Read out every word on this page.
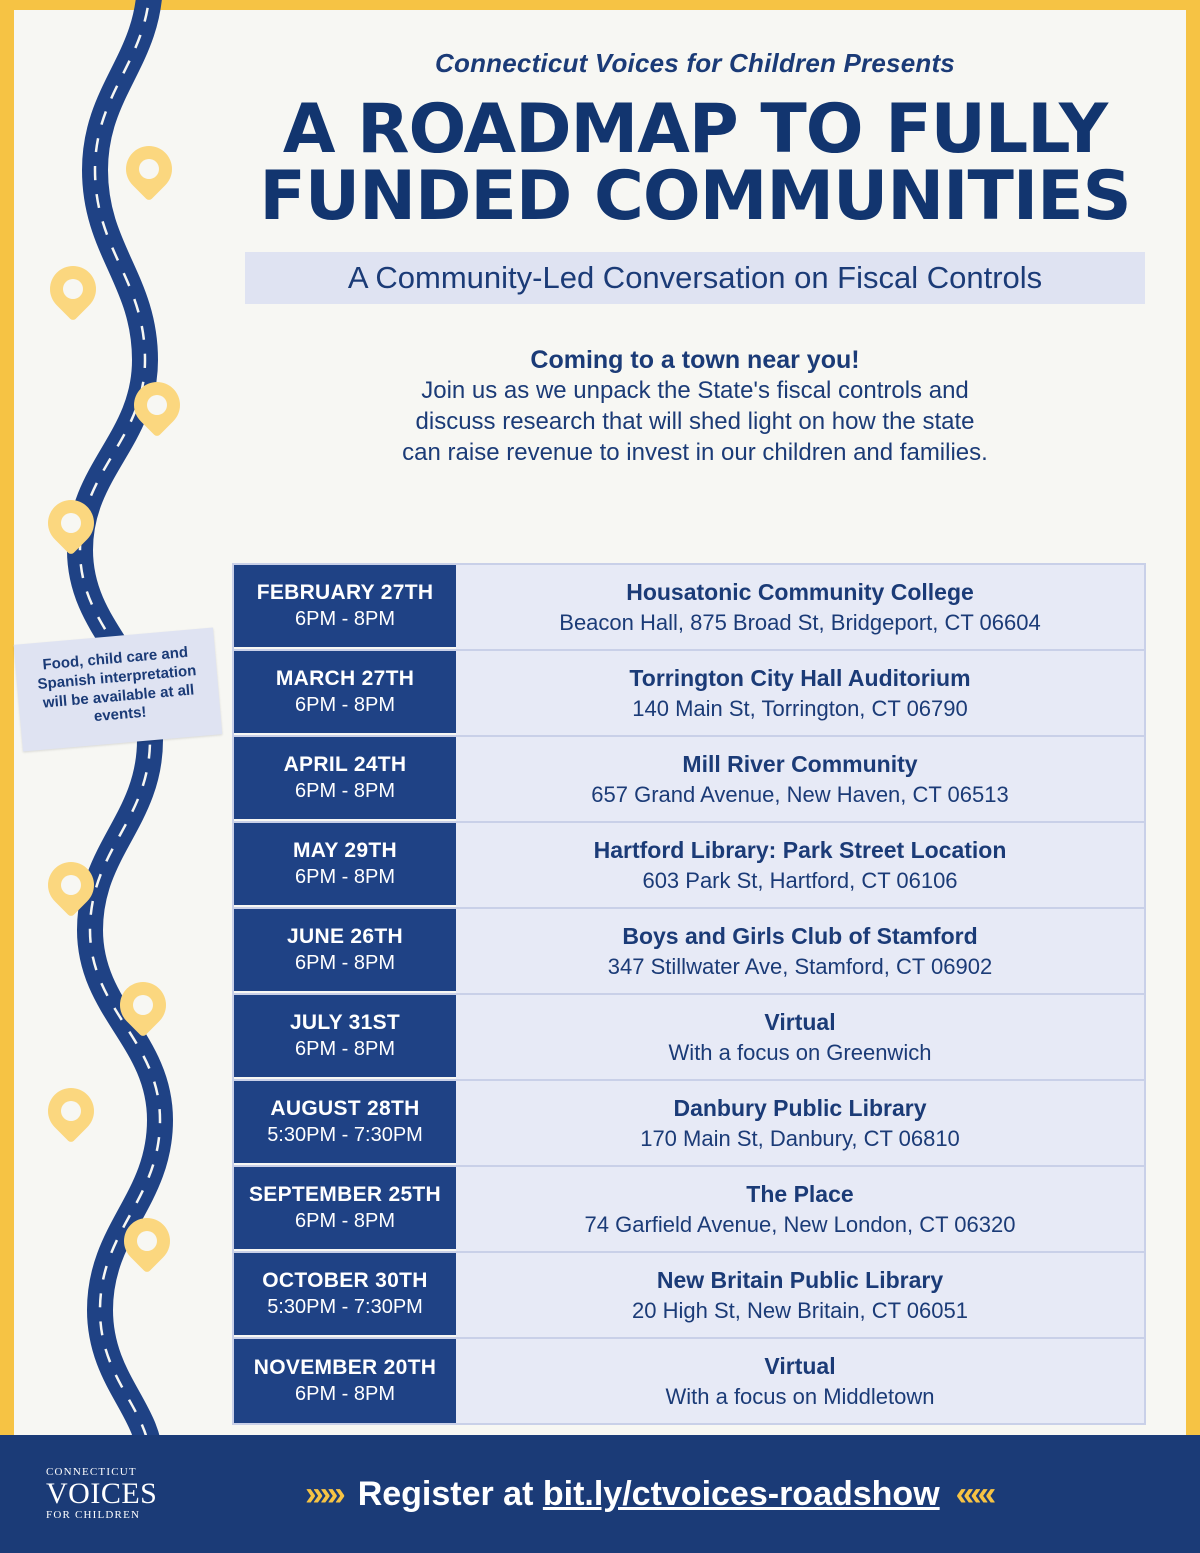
Food, child care and Spanish interpretation will be available at all events!
Connecticut Voices for Children Presents
A ROADMAP TO FULLY
FUNDED COMMUNITIES
A Community-Led Conversation on Fiscal Controls
Coming to a town near you!
Join us as we unpack the State's fiscal controls and
discuss research that will shed light on how the state
can raise revenue to invest in our children and families.
FEBRUARY 27TH
6PM - 8PM
Housatonic Community College
Beacon Hall, 875 Broad St, Bridgeport, CT 06604
MARCH 27TH
6PM - 8PM
Torrington City Hall Auditorium
140 Main St, Torrington, CT 06790
APRIL 24TH
6PM - 8PM
Mill River Community
657 Grand Avenue, New Haven, CT 06513
MAY 29TH
6PM - 8PM
Hartford Library: Park Street Location
603 Park St, Hartford, CT 06106
JUNE 26TH
6PM - 8PM
Boys and Girls Club of Stamford
347 Stillwater Ave, Stamford, CT 06902
JULY 31ST
6PM - 8PM
Virtual
With a focus on Greenwich
AUGUST 28TH
5:30PM - 7:30PM
Danbury Public Library
170 Main St, Danbury, CT 06810
SEPTEMBER 25TH
6PM - 8PM
The Place
74 Garfield Avenue, New London, CT 06320
OCTOBER 30TH
5:30PM - 7:30PM
New Britain Public Library
20 High St, New Britain, CT 06051
NOVEMBER 20TH
6PM - 8PM
Virtual
With a focus on Middletown
CONNECTICUT
VOICES
FOR CHILDREN
››››› Register at bit.ly/ctvoices-roadshow ‹‹‹‹‹
